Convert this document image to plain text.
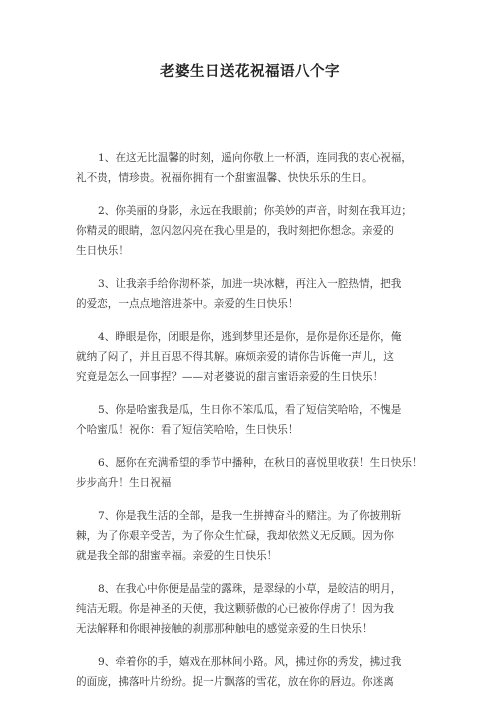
老婆生日送花祝福语八个字
1、在这无比温馨的时刻，遥向你敬上一杯酒，连同我的衷心祝福，
礼不贵，情珍贵。祝福你拥有一个甜蜜温馨、快快乐乐的生日。
2、你美丽的身影，永远在我眼前；你美妙的声音，时刻在我耳边；
你精灵的眼睛，忽闪忽闪亮在我心里是的，我时刻把你想念。亲爱的
生日快乐！
3、让我亲手给你沏杯茶，加进一块冰糖，再注入一腔热情，把我
的爱恋，一点点地溶进茶中。亲爱的生日快乐！
4、睁眼是你，闭眼是你，逃到梦里还是你，是你是你还是你，俺
就纳了闷了，并且百思不得其解。麻烦亲爱的请你告诉俺一声儿，这
究竟是怎么一回事捏？——对老婆说的甜言蜜语亲爱的生日快乐！
5、你是哈蜜我是瓜，生日你不笨瓜瓜，看了短信笑哈哈，不愧是
个哈蜜瓜！祝你：看了短信笑哈哈，生日快乐！
6、愿你在充满希望的季节中播种，在秋日的喜悦里收获！生日快乐！
步步高升！生日祝福
7、你是我生活的全部，是我一生拼搏奋斗的赌注。为了你披荆斩
棘，为了你艰辛受苦，为了你众生忙碌，我却依然义无反顾。因为你
就是我全部的甜蜜幸福。亲爱的生日快乐！
8、在我心中你便是晶莹的露珠，是翠绿的小草，是皎洁的明月，
纯洁无瑕。你是神圣的天使，我这颗骄傲的心已被你俘虏了！因为我
无法解释和你眼神接触的刹那那种触电的感觉亲爱的生日快乐！
9、牵着你的手，嬉戏在那林间小路。风，拂过你的秀发，拂过我
的面庞，拂落叶片纷纷。捉一片飘落的雪花，放在你的唇边。你迷离
